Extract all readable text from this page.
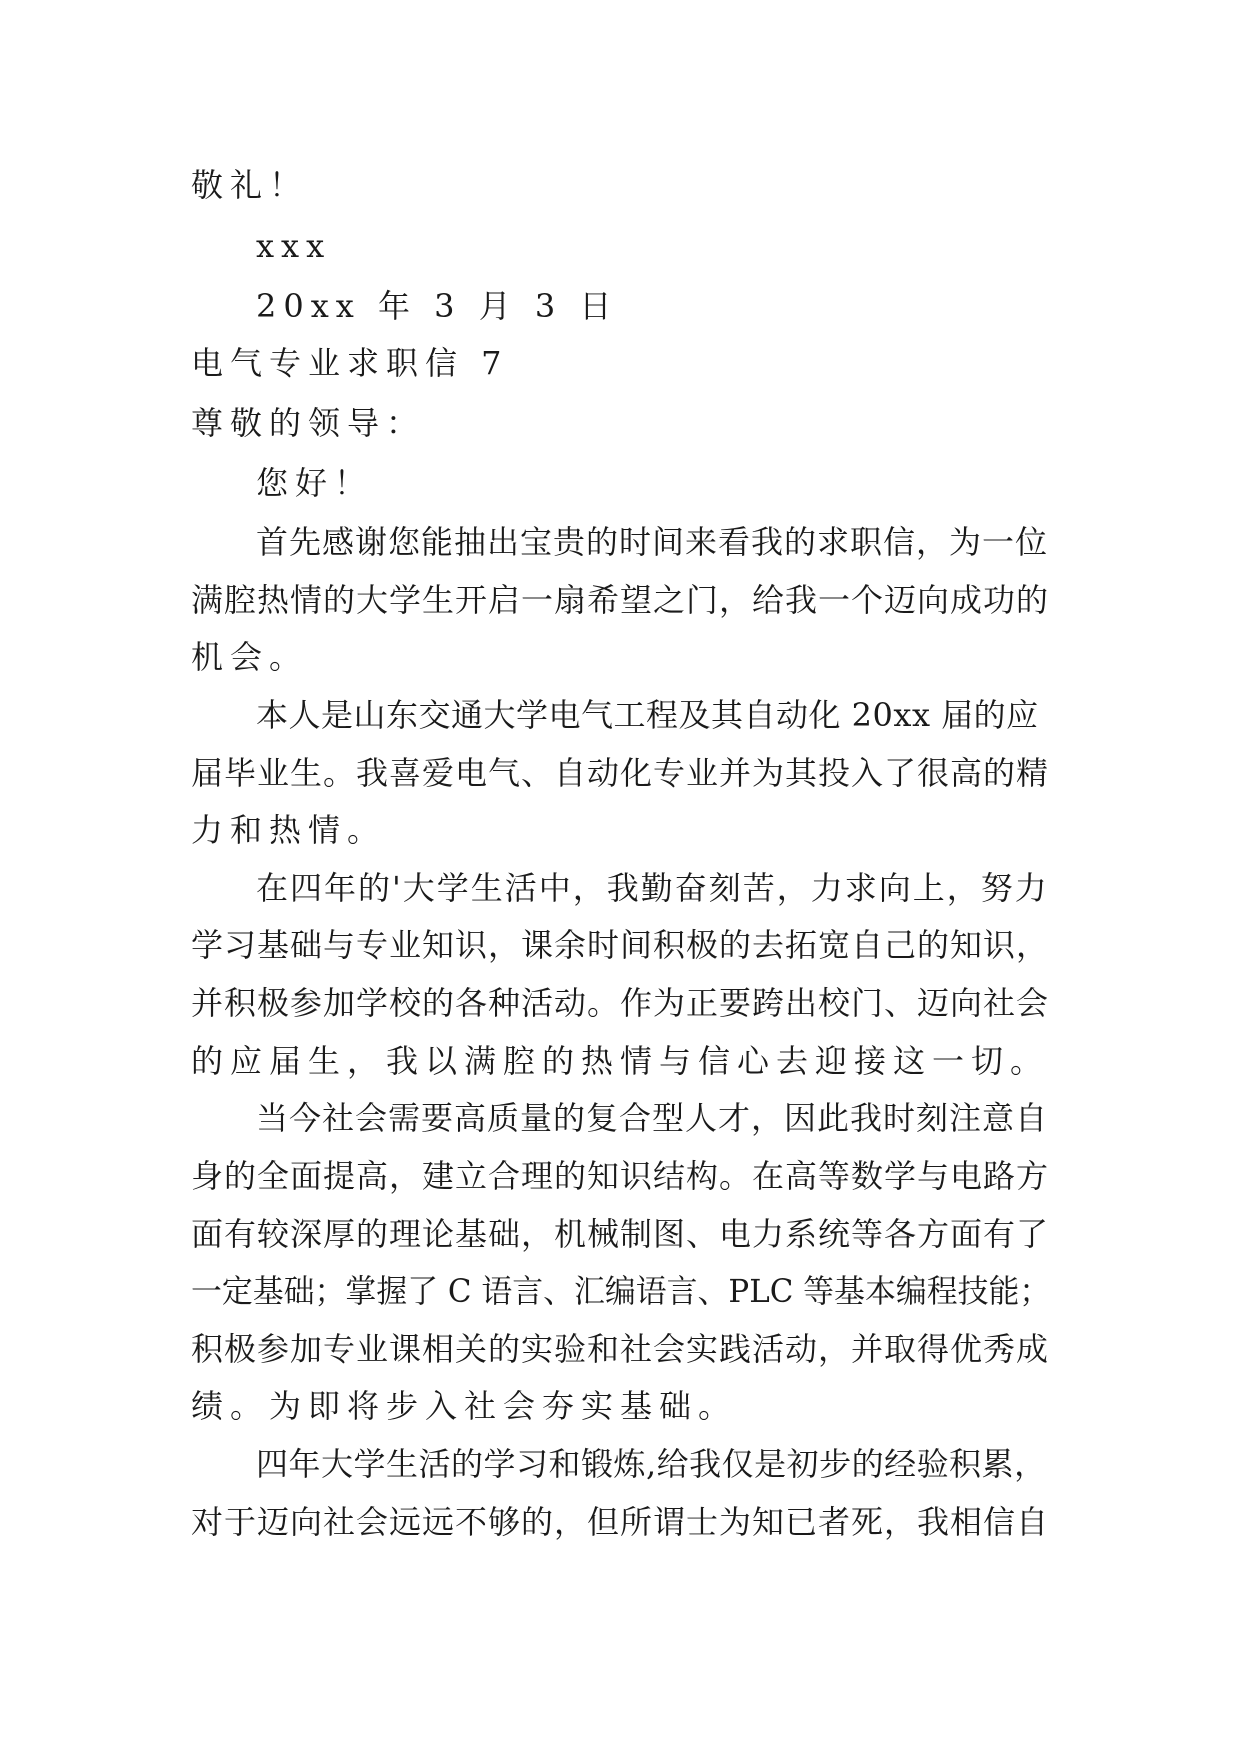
敬礼！
xxx
20xx 年 3 月 3 日
电气专业求职信 7
尊敬的领导：
您好！
首先感谢您能抽出宝贵的时间来看我的求职信，为一位
满腔热情的大学生开启一扇希望之门，给我一个迈向成功的
机会。
本人是山东交通大学电气工程及其自动化 20xx 届的应
届毕业生。我喜爱电气、自动化专业并为其投入了很高的精
力和热情。
在四年的'大学生活中，我勤奋刻苦，力求向上，努力
学习基础与专业知识，课余时间积极的去拓宽自己的知识，
并积极参加学校的各种活动。作为正要跨出校门、迈向社会
的应届生，我以满腔的热情与信心去迎接这一切。
当今社会需要高质量的复合型人才，因此我时刻注意自
身的全面提高，建立合理的知识结构。在高等数学与电路方
面有较深厚的理论基础，机械制图、电力系统等各方面有了
一定基础；掌握了 C 语言、汇编语言、PLC 等基本编程技能；
积极参加专业课相关的实验和社会实践活动，并取得优秀成
绩。为即将步入社会夯实基础。
四年大学生活的学习和锻炼,给我仅是初步的经验积累，
对于迈向社会远远不够的，但所谓士为知已者死，我相信自
